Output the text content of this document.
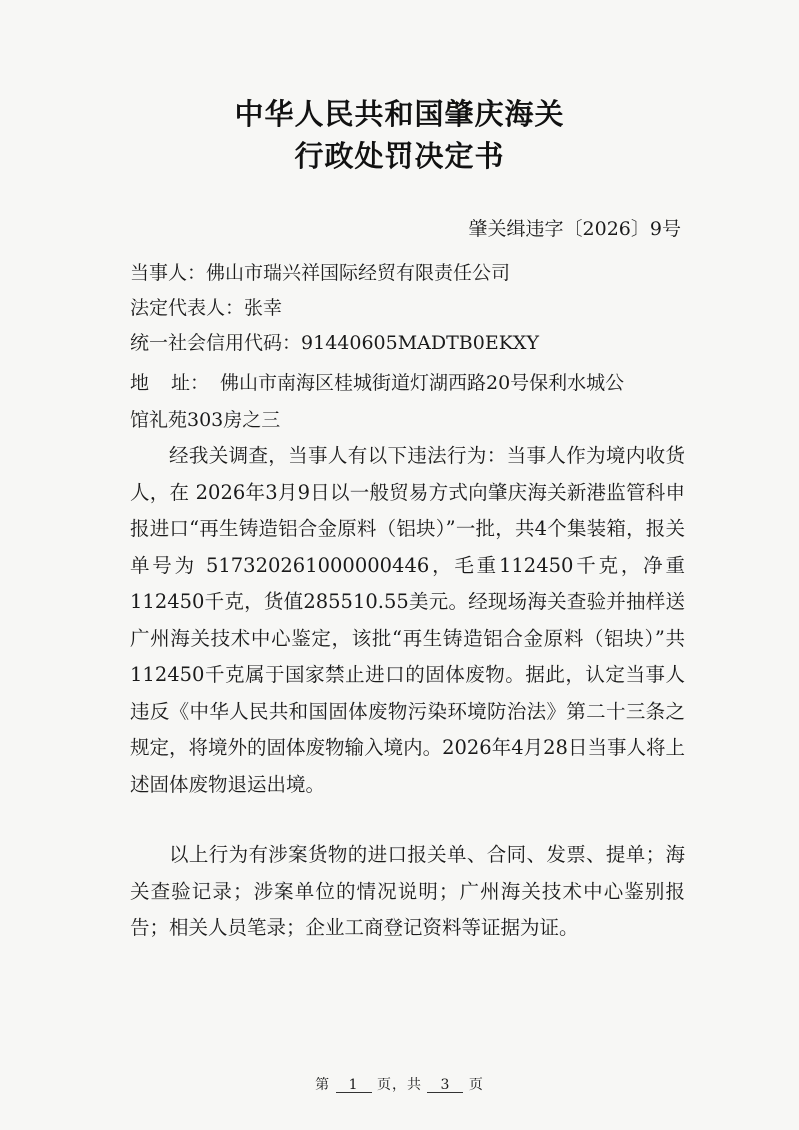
中华人民共和国肇庆海关
行政处罚决定书
肇关缉违字〔2026〕9号
当事人：佛山市瑞兴祥国际经贸有限责任公司
法定代表人：张幸
统一社会信用代码：91440605MADTB0EKXY
地 址： 佛山市南海区桂城街道灯湖西路20号保利水城公
馆礼苑303房之三

经我关调查，当事人有以下违法行为：当事人作为境内收货人，在 2026年3月9日以一般贸易方式向肇庆海关新港监管科申报进口“再生铸造铝合金原料（铝块）”一批，共4个集装箱，报关单号为 517320261000000446，毛重112450千克，净重112450千克，货值285510.55美元。经现场海关查验并抽样送广州海关技术中心鉴定，该批“再生铸造铝合金原料（铝块）”共112450千克属于国家禁止进口的固体废物。据此，认定当事人违反《中华人民共和国固体废物污染环境防治法》第二十三条之规定，将境外的固体废物输入境内。2026年4月28日当事人将上述固体废物退运出境。

以上行为有涉案货物的进口报关单、合同、发票、提单；海关查验记录；涉案单位的情况说明；广州海关技术中心鉴别报告；相关人员笔录；企业工商登记资料等证据为证。

第 1 页，共 3 页
